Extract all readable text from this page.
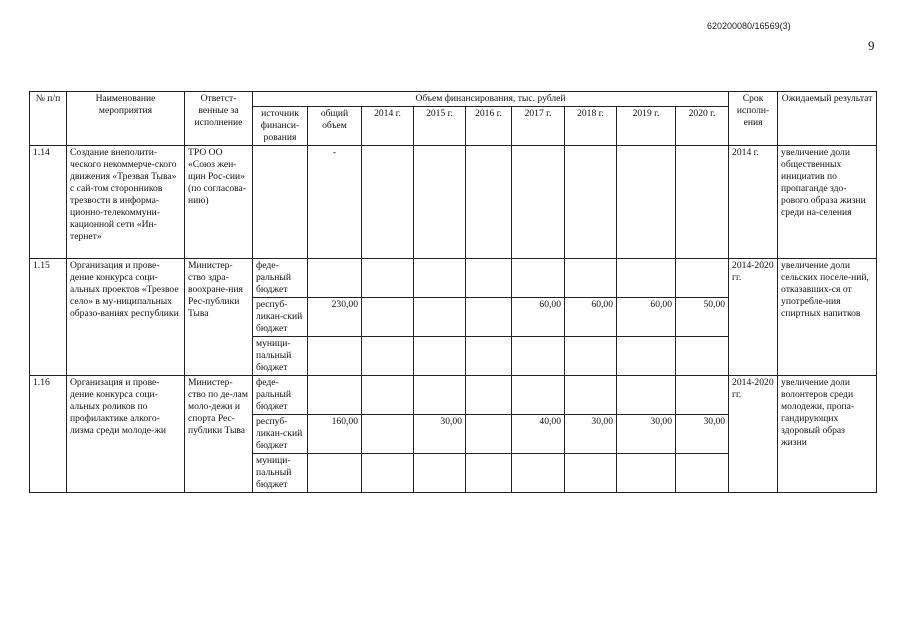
620200080/16569(3)
9
№ п/п	Наименование мероприятия	Ответст-венные за исполнение	Объем финансирования, тыс. рублей									Срок исполн-ения	Ожидаемый результат
			источник финанси-рования	общий объем	2014 г.	2015 г.	2016 г.	2017 г.	2018 г.	2019 г.	2020 г.		
1.14	Создание внеполити-ческого некоммерче-ского движения «Трезвая Тыва» с сай-том сторонников трезвости в информа-ционно-телекоммуни-кационной сети «Ин-тернет»	ТРО ОО «Союз жен-щин Рос-сии» (по согласова-нию)		-								2014 г.	увеличение доли общественных инициатив по пропаганде здо-рового образа жизни среди на-селения
1.15	Организация и прове-дение конкурса соци-альных проектов «Трезвое село» в му-ниципальных образо-ваниях республики	Министер-ство здра-воохране-ния Рес-публики Тыва	феде-ральный бюджет									2014-2020 гг.	увеличение доли сельских поселе-ний, отказавших-ся от употребле-ния спиртных напитков
			респуб-ликан-ский бюджет	230,00				60,00	60,00	60,00	50,00		
			муници-пальный бюджет										
1.16	Организация и прове-дение конкурса соци-альных роликов по профилактике алкого-лизма среди молоде-жи	Министер-ство по де-лам моло-дежи и спорта Рес-публики Тыва	феде-ральный бюджет									2014-2020 гг.	увеличение доли волонтеров среди молодежи, пропа-гандирующих здоровый образ жизни
			респуб-ликан-ский бюджет	160,00		30,00		40,00	30,00	30,00	30,00		
			муници-пальный бюджет										
